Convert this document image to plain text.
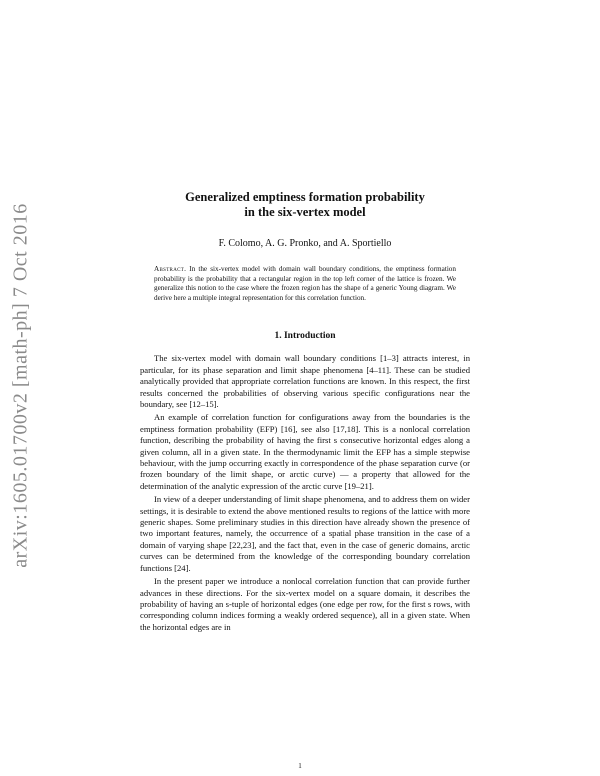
arXiv:1605.01700v2 [math-ph] 7 Oct 2016
Generalized emptiness formation probability
in the six-vertex model
F. Colomo, A. G. Pronko, and A. Sportiello

Abstract. In the six-vertex model with domain wall boundary conditions, the emptiness formation probability is the probability that a rectangular region in the top left corner of the lattice is frozen. We generalize this notion to the case where the frozen region has the shape of a generic Young diagram. We derive here a multiple integral representation for this correlation function.

1. Introduction

The six-vertex model with domain wall boundary conditions [1–3] attracts interest, in particular, for its phase separation and limit shape phenomena [4–11]. These can be studied analytically provided that appropriate correlation functions are known. In this respect, the first results concerned the probabilities of observing various specific configurations near the boundary, see [12–15].

An example of correlation function for configurations away from the boundaries is the emptiness formation probability (EFP) [16], see also [17,18]. This is a nonlocal correlation function, describing the probability of having the first s consecutive horizontal edges along a given column, all in a given state. In the thermodynamic limit the EFP has a simple stepwise behaviour, with the jump occurring exactly in correspondence of the phase separation curve (or frozen boundary of the limit shape, or arctic curve) — a property that allowed for the determination of the analytic expression of the arctic curve [19–21].

In view of a deeper understanding of limit shape phenomena, and to address them on wider settings, it is desirable to extend the above mentioned results to regions of the lattice with more generic shapes. Some preliminary studies in this direction have already shown the presence of two important features, namely, the occurrence of a spatial phase transition in the case of a domain of varying shape [22,23], and the fact that, even in the case of generic domains, arctic curves can be determined from the knowledge of the corresponding boundary correlation functions [24].

In the present paper we introduce a nonlocal correlation function that can provide further advances in these directions. For the six-vertex model on a square domain, it describes the probability of having an s-tuple of horizontal edges (one edge per row, for the first s rows, with corresponding column indices forming a weakly ordered sequence), all in a given state. When the horizontal edges are in

1
